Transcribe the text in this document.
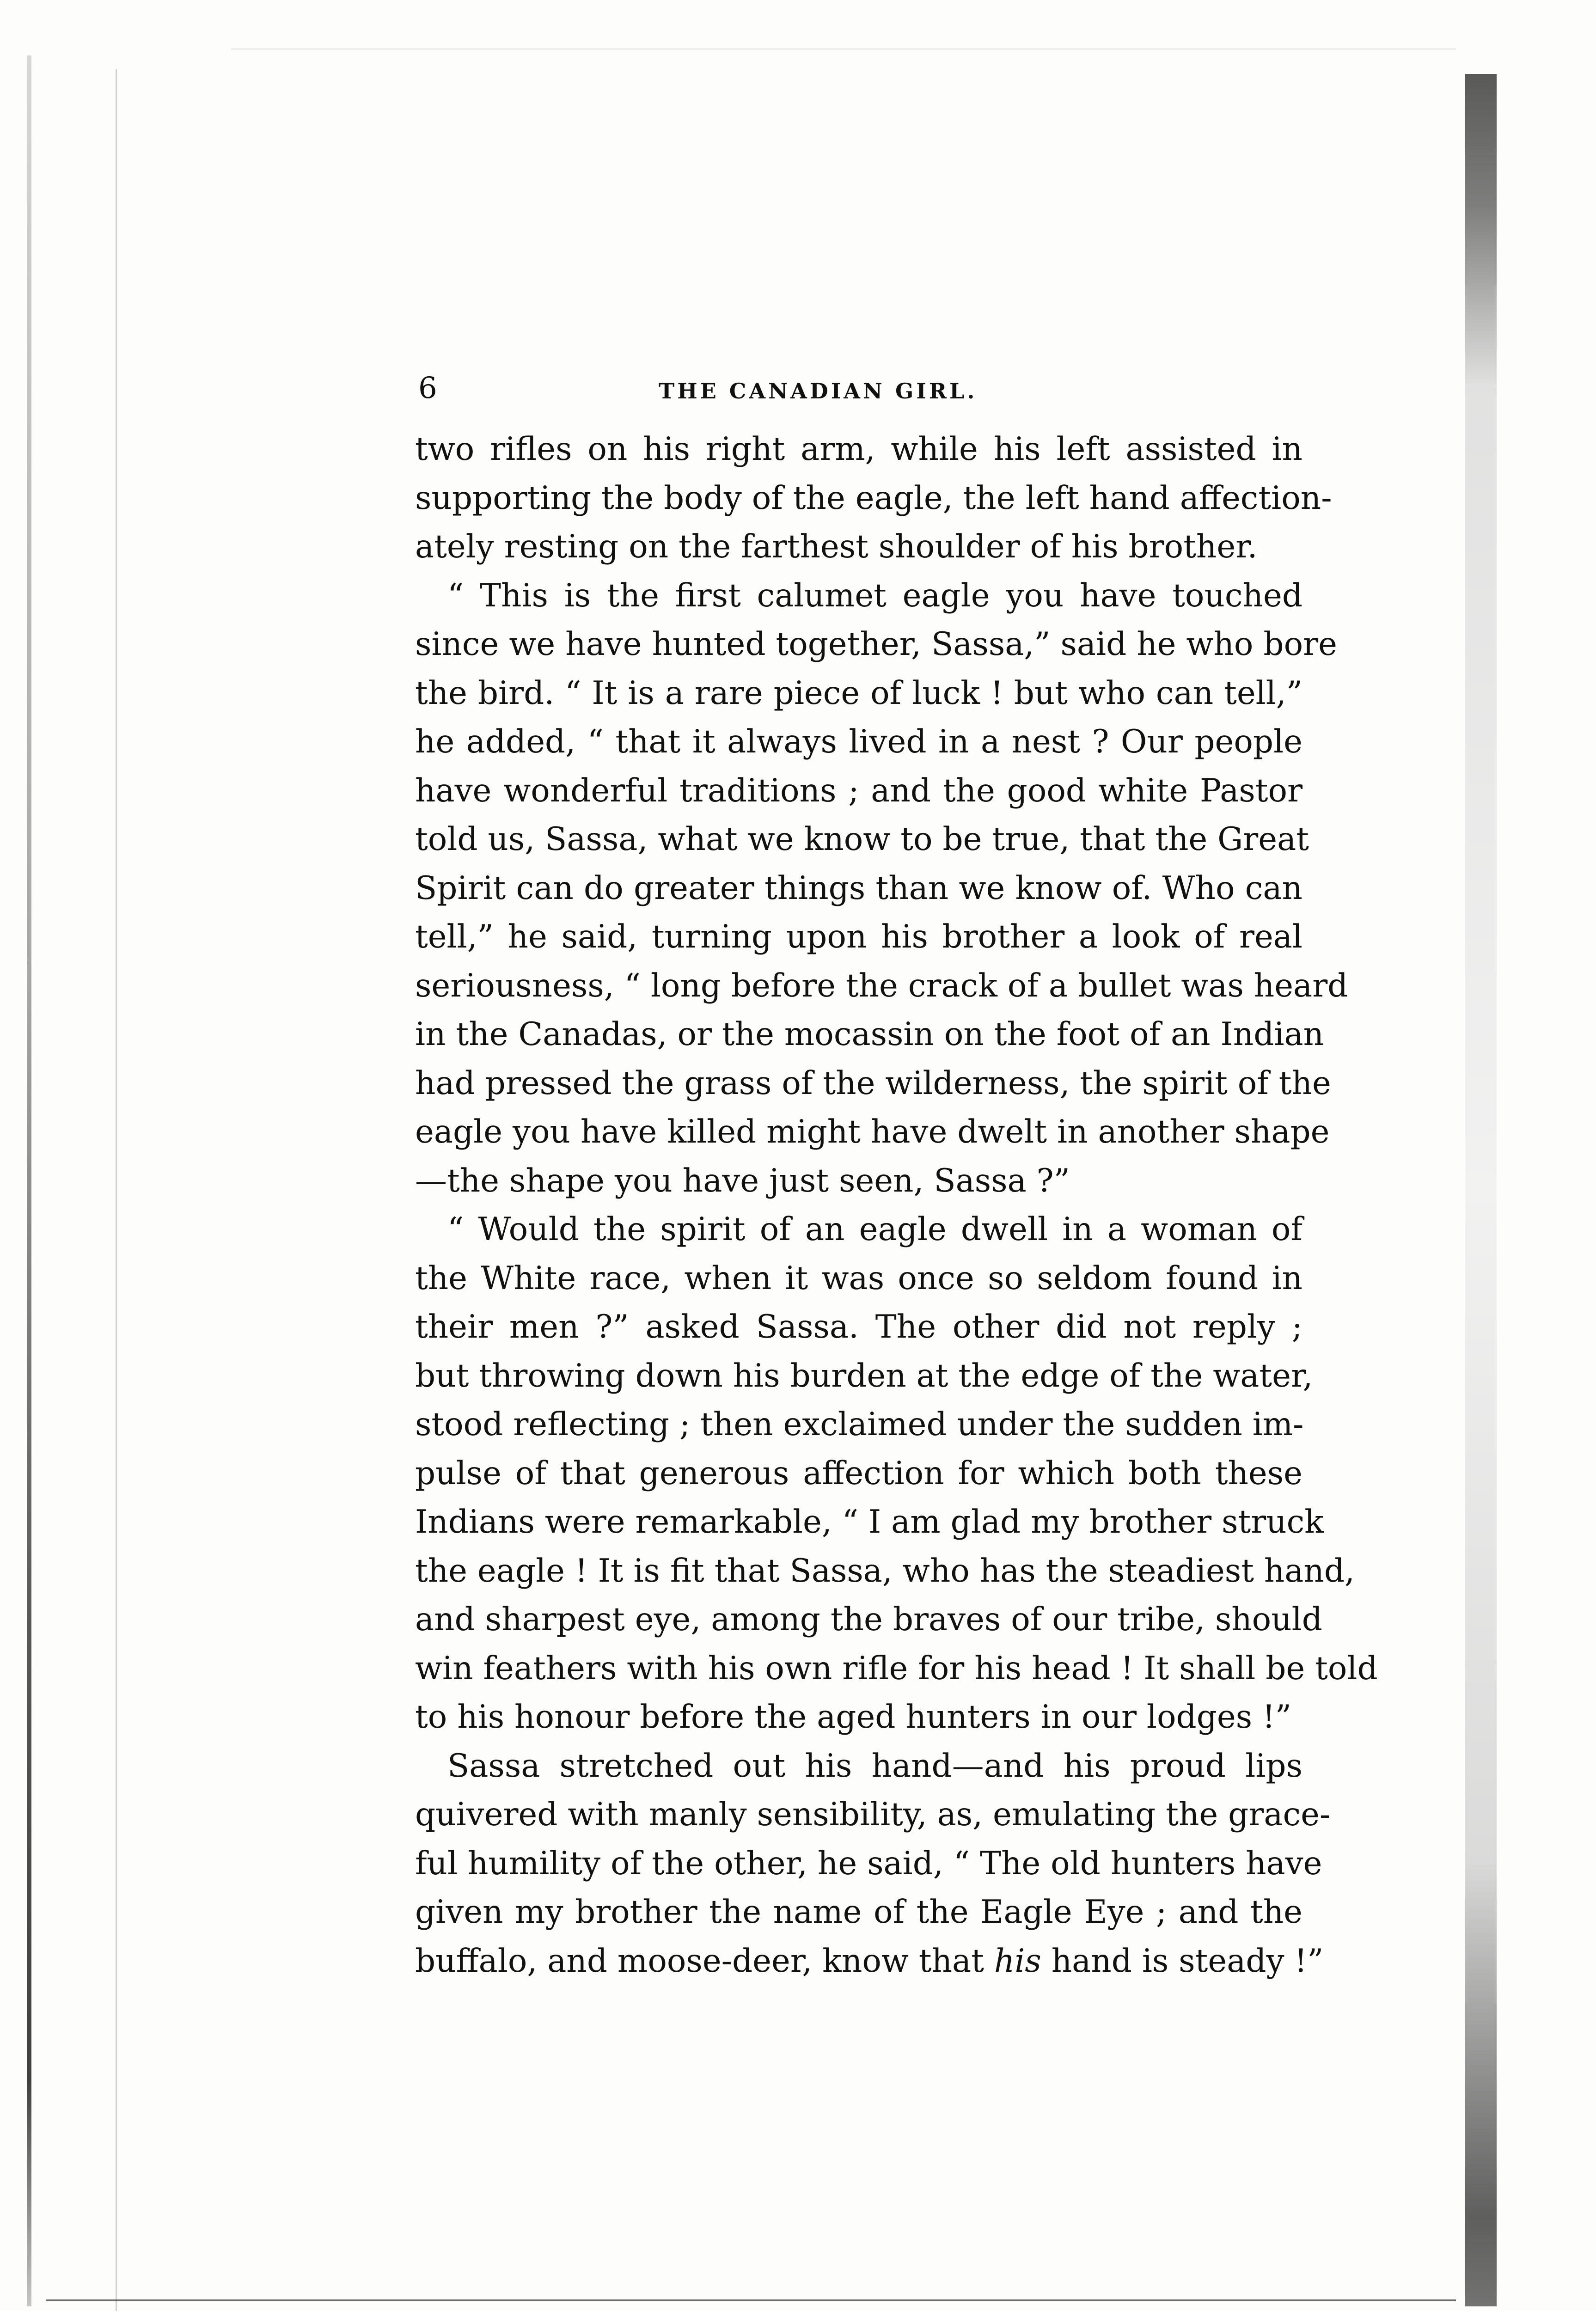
6	THE CANADIAN GIRL.
two rifles on his right arm, while his left assisted in
supporting the body of the eagle, the left hand affection-
ately resting on the farthest shoulder of his brother.
“ This is the first calumet eagle you have touched
since we have hunted together, Sassa,” said he who bore
the bird. “ It is a rare piece of luck ! but who can tell,”
he added, “ that it always lived in a nest ? Our people
have wonderful traditions ; and the good white Pastor
told us, Sassa, what we know to be true, that the Great
Spirit can do greater things than we know of. Who can
tell,” he said, turning upon his brother a look of real
seriousness, “ long before the crack of a bullet was heard
in the Canadas, or the mocassin on the foot of an Indian
had pressed the grass of the wilderness, the spirit of the
eagle you have killed might have dwelt in another shape
—the shape you have just seen, Sassa ?”
“ Would the spirit of an eagle dwell in a woman of
the White race, when it was once so seldom found in
their men ?” asked Sassa. The other did not reply ;
but throwing down his burden at the edge of the water,
stood reflecting ; then exclaimed under the sudden im-
pulse of that generous affection for which both these
Indians were remarkable, “ I am glad my brother struck
the eagle ! It is fit that Sassa, who has the steadiest hand,
and sharpest eye, among the braves of our tribe, should
win feathers with his own rifle for his head ! It shall be told
to his honour before the aged hunters in our lodges !”
Sassa stretched out his hand—and his proud lips
quivered with manly sensibility, as, emulating the grace-
ful humility of the other, he said, “ The old hunters have
given my brother the name of the Eagle Eye ; and the
buffalo, and moose-deer, know that his hand is steady !”
